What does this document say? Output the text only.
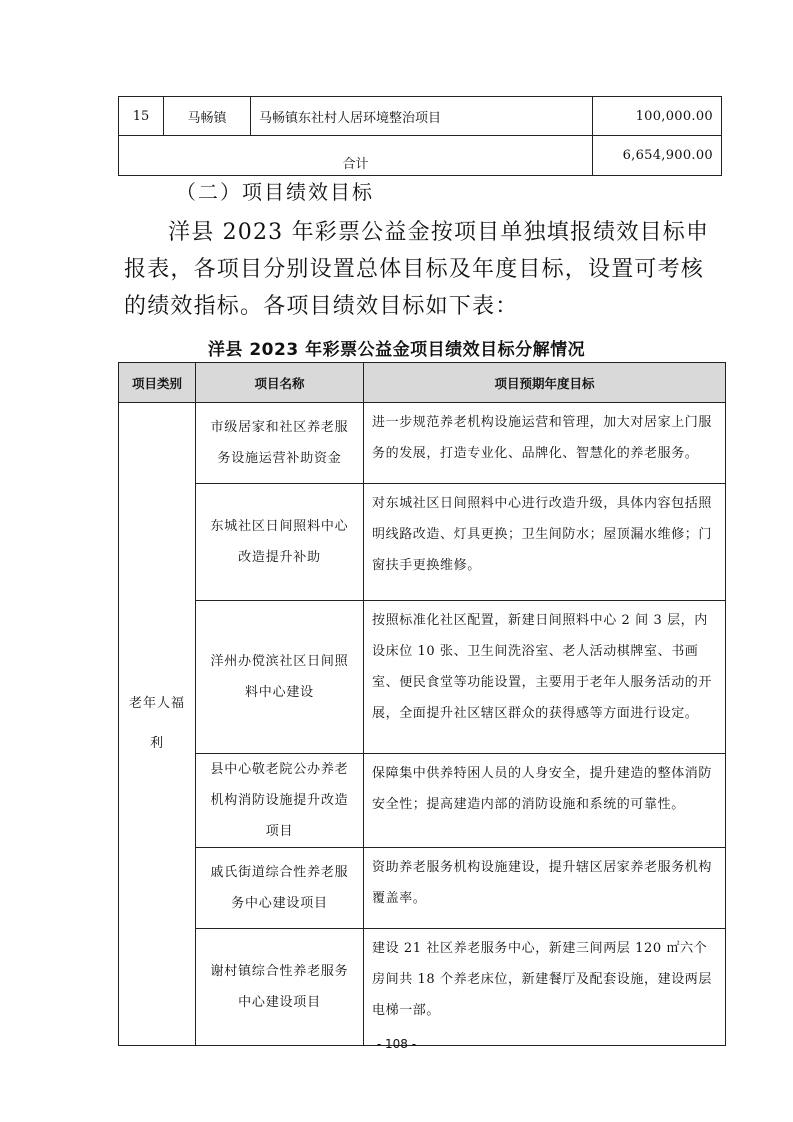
15	马畅镇	马畅镇东社村人居环境整治项目	100,000.00
合计			6,654,900.00
（二）项目绩效目标

洋县 2023 年彩票公益金按项目单独填报绩效目标申报表，各项目分别设置总体目标及年度目标，设置可考核的绩效指标。各项目绩效目标如下表：

洋县 2023 年彩票公益金项目绩效目标分解情况
项目类别	项目名称	项目预期年度目标
老年人福利	市级居家和社区养老服务设施运营补助资金	进一步规范养老机构设施运营和管理，加大对居家上门服务的发展，打造专业化、品牌化、智慧化的养老服务。
	东城社区日间照料中心改造提升补助	对东城社区日间照料中心进行改造升级，具体内容包括照明线路改造、灯具更换；卫生间防水；屋顶漏水维修；门窗扶手更换维修。
	洋州办傥滨社区日间照料中心建设	按照标准化社区配置，新建日间照料中心 2 间 3 层，内设床位 10 张、卫生间洗浴室、老人活动棋牌室、书画室、便民食堂等功能设置，主要用于老年人服务活动的开展，全面提升社区辖区群众的获得感等方面进行设定。
	县中心敬老院公办养老机构消防设施提升改造项目	保障集中供养特困人员的人身安全，提升建造的整体消防安全性；提高建造内部的消防设施和系统的可靠性。
	戚氏街道综合性养老服务中心建设项目	资助养老服务机构设施建设，提升辖区居家养老服务机构覆盖率。
	谢村镇综合性养老服务中心建设项目	建设 21 社区养老服务中心，新建三间两层 120 ㎡六个房间共 18 个养老床位，新建餐厅及配套设施，建设两层电梯一部。
- 108 -
